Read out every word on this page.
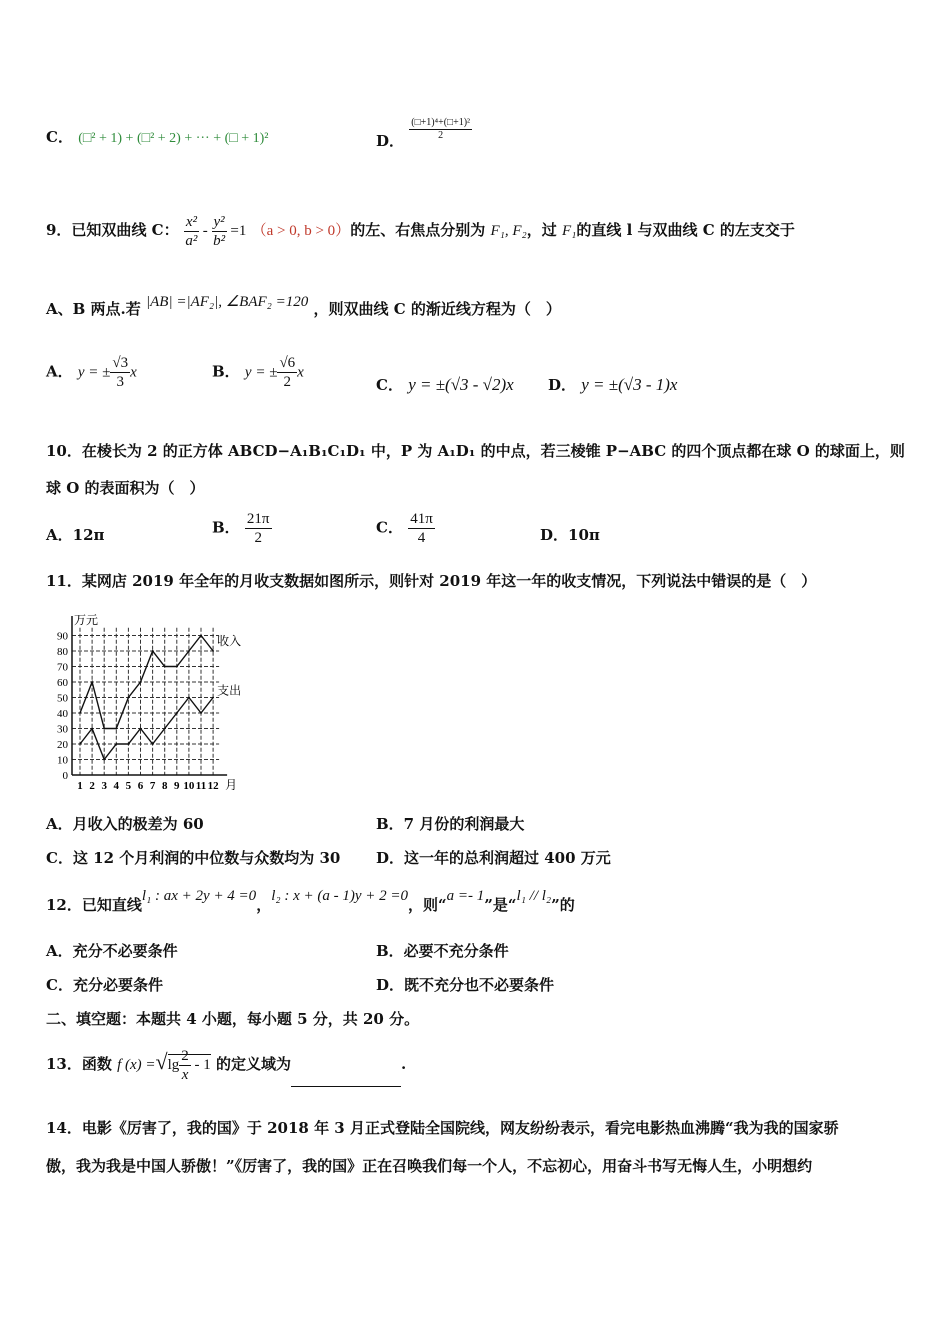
C． (□² + 1) + (□² + 2) + ··· + (□ + 1)²	D． $\frac{\text{(□+1)⁴+(□+1)²}}{2}$
9．已知双曲线 C： $\frac{\text{x²}}{\text{a²}} - \frac{\text{y²}}{\text{b²}} =1$ （a > 0, b > 0）的左、右焦点分别为 F₁, F₂，过 F₁的直线 l 与双曲线 C 的左支交于
A、B 两点.若 |AB| =|AF₂|, ∠BAF₂ =120 ，则双曲线 C 的渐近线方程为（　）
A． y = ± $\frac{√3}{3}$ x	B． y = ± $\frac{√6}{2}$ x
C． y = ±(√3 - √2)x D． y = ±(√3 - 1)x
10．在棱长为 2 的正方体 ABCD−A₁B₁C₁D₁ 中，P 为 A₁D₁ 的中点，若三棱锥 P−ABC 的四个顶点都在球 O 的球面上，则
球 O 的表面积为（　）
A．12π	B． $\frac{21\pi}{2}$	C． $\frac{41\pi}{4}$	D．10π
11．某网店 2019 年全年的月收支数据如图所示，则针对 2019 年这一年的收支情况，下列说法中错误的是（　）
0
10
20
30
40
50
60
70
80
90
1 2 3 4 5 6 7 8 9 10 11 12
万元
月
收入
支出
A．月收入的极差为 60	B．7 月份的利润最大
C．这 12 个月利润的中位数与众数均为 30 D．这一年的总利润超过 400 万元
12．已知直线l₁ : ax + 2y + 4 =0，l₂ : x + (a - 1)y + 2 =0，则“a =- 1”是“l₁ // l₂”的
A．充分不必要条件	B．必要不充分条件
C．充分必要条件	D．既不充分也不必要条件
二、填空题：本题共 4 小题，每小题 5 分，共 20 分。
13．函数 f $(x) =√\lg \frac{2}{x} - 1$ 的定义域为	.
14．电影《厉害了，我的国》于 2018 年 3 月正式登陆全国院线，网友纷纷表示，看完电影热血沸腾“我为我的国家骄
傲，我为我是中国人骄傲！”《厉害了，我的国》正在召唤我们每一个人，不忘初心，用奋斗书写无悔人生，小明想约
